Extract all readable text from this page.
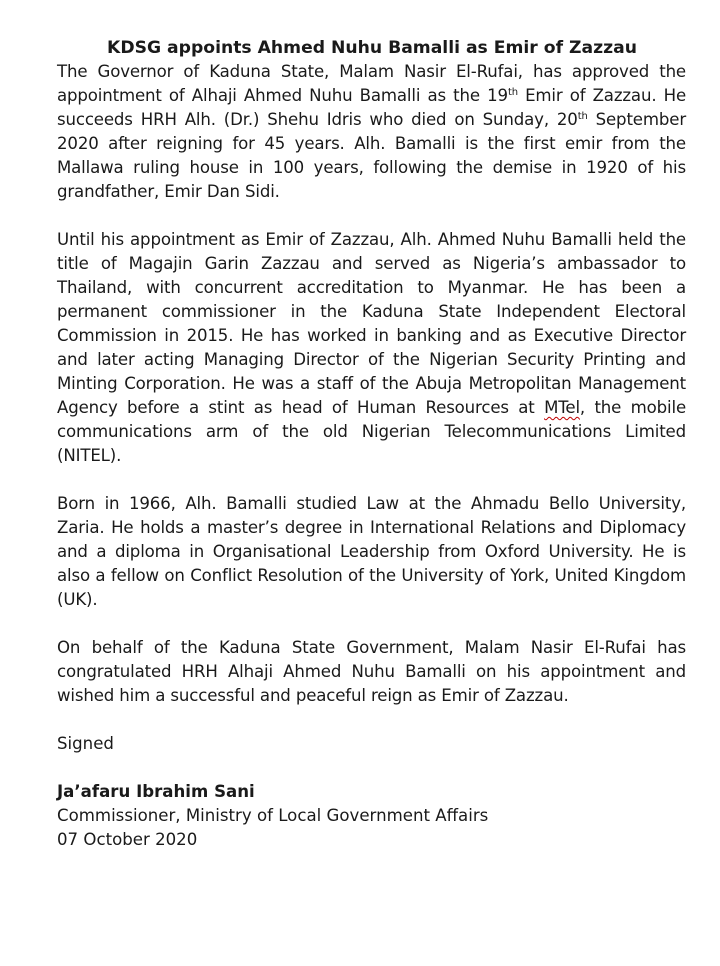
KDSG appoints Ahmed Nuhu Bamalli as Emir of Zazzau

The Governor of Kaduna State, Malam Nasir El-Rufai, has approved the appointment of Alhaji Ahmed Nuhu Bamalli as the 19th Emir of Zazzau. He succeeds HRH Alh. (Dr.) Shehu Idris who died on Sunday, 20th September 2020 after reigning for 45 years. Alh. Bamalli is the first emir from the Mallawa ruling house in 100 years, following the demise in 1920 of his grandfather, Emir Dan Sidi.

Until his appointment as Emir of Zazzau, Alh. Ahmed Nuhu Bamalli held the title of Magajin Garin Zazzau and served as Nigeria’s ambassador to Thailand, with concurrent accreditation to Myanmar. He has been a permanent commissioner in the Kaduna State Independent Electoral Commission in 2015. He has worked in banking and as Executive Director and later acting Managing Director of the Nigerian Security Printing and Minting Corporation. He was a staff of the Abuja Metropolitan Management Agency before a stint as head of Human Resources at MTel, the mobile communications arm of the old Nigerian Telecommunications Limited (NITEL).

Born in 1966, Alh. Bamalli studied Law at the Ahmadu Bello University, Zaria. He holds a master’s degree in International Relations and Diplomacy and a diploma in Organisational Leadership from Oxford University. He is also a fellow on Conflict Resolution of the University of York, United Kingdom (UK).

On behalf of the Kaduna State Government, Malam Nasir El-Rufai has congratulated HRH Alhaji Ahmed Nuhu Bamalli on his appointment and wished him a successful and peaceful reign as Emir of Zazzau.

Signed

Ja’afaru Ibrahim Sani

Commissioner, Ministry of Local Government Affairs

07 October 2020
